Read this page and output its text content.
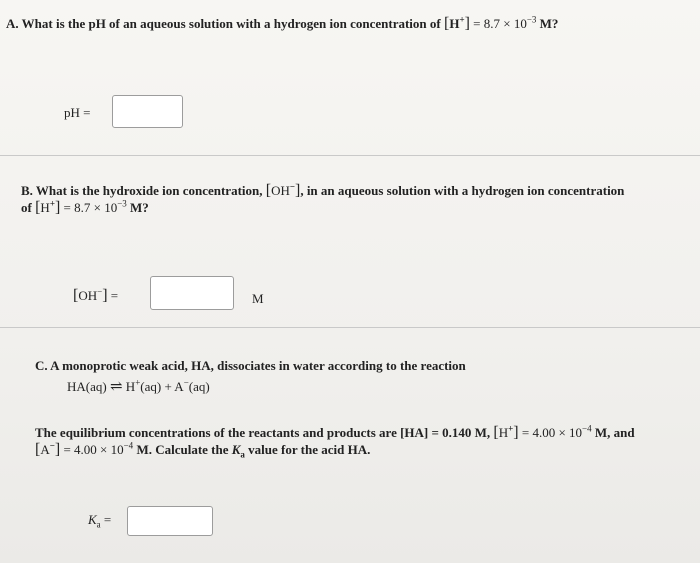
A. What is the pH of an aqueous solution with a hydrogen ion concentration of $[H^+] = 8.7 \times 10^{-3}$ M?
pH =
B. What is the hydroxide ion concentration, [OH−], in an aqueous solution with a hydrogen ion concentration
of $[H^+] = 8.7 \times 10^{-3}$ M?
[OH−] =	M
C. A monoprotic weak acid, HA, dissociates in water according to the reaction
HA(aq) ⇌ H+(aq) + A−(aq)
The equilibrium concentrations of the reactants and products are [HA] = 0.140 M, $[H^+] = 4.00 \times 10^{-4}$ M, and
$[A^-] = 4.00 \times 10^{-4}$ M. Calculate the $K_a$ value for the acid HA.
$K_a$ =
